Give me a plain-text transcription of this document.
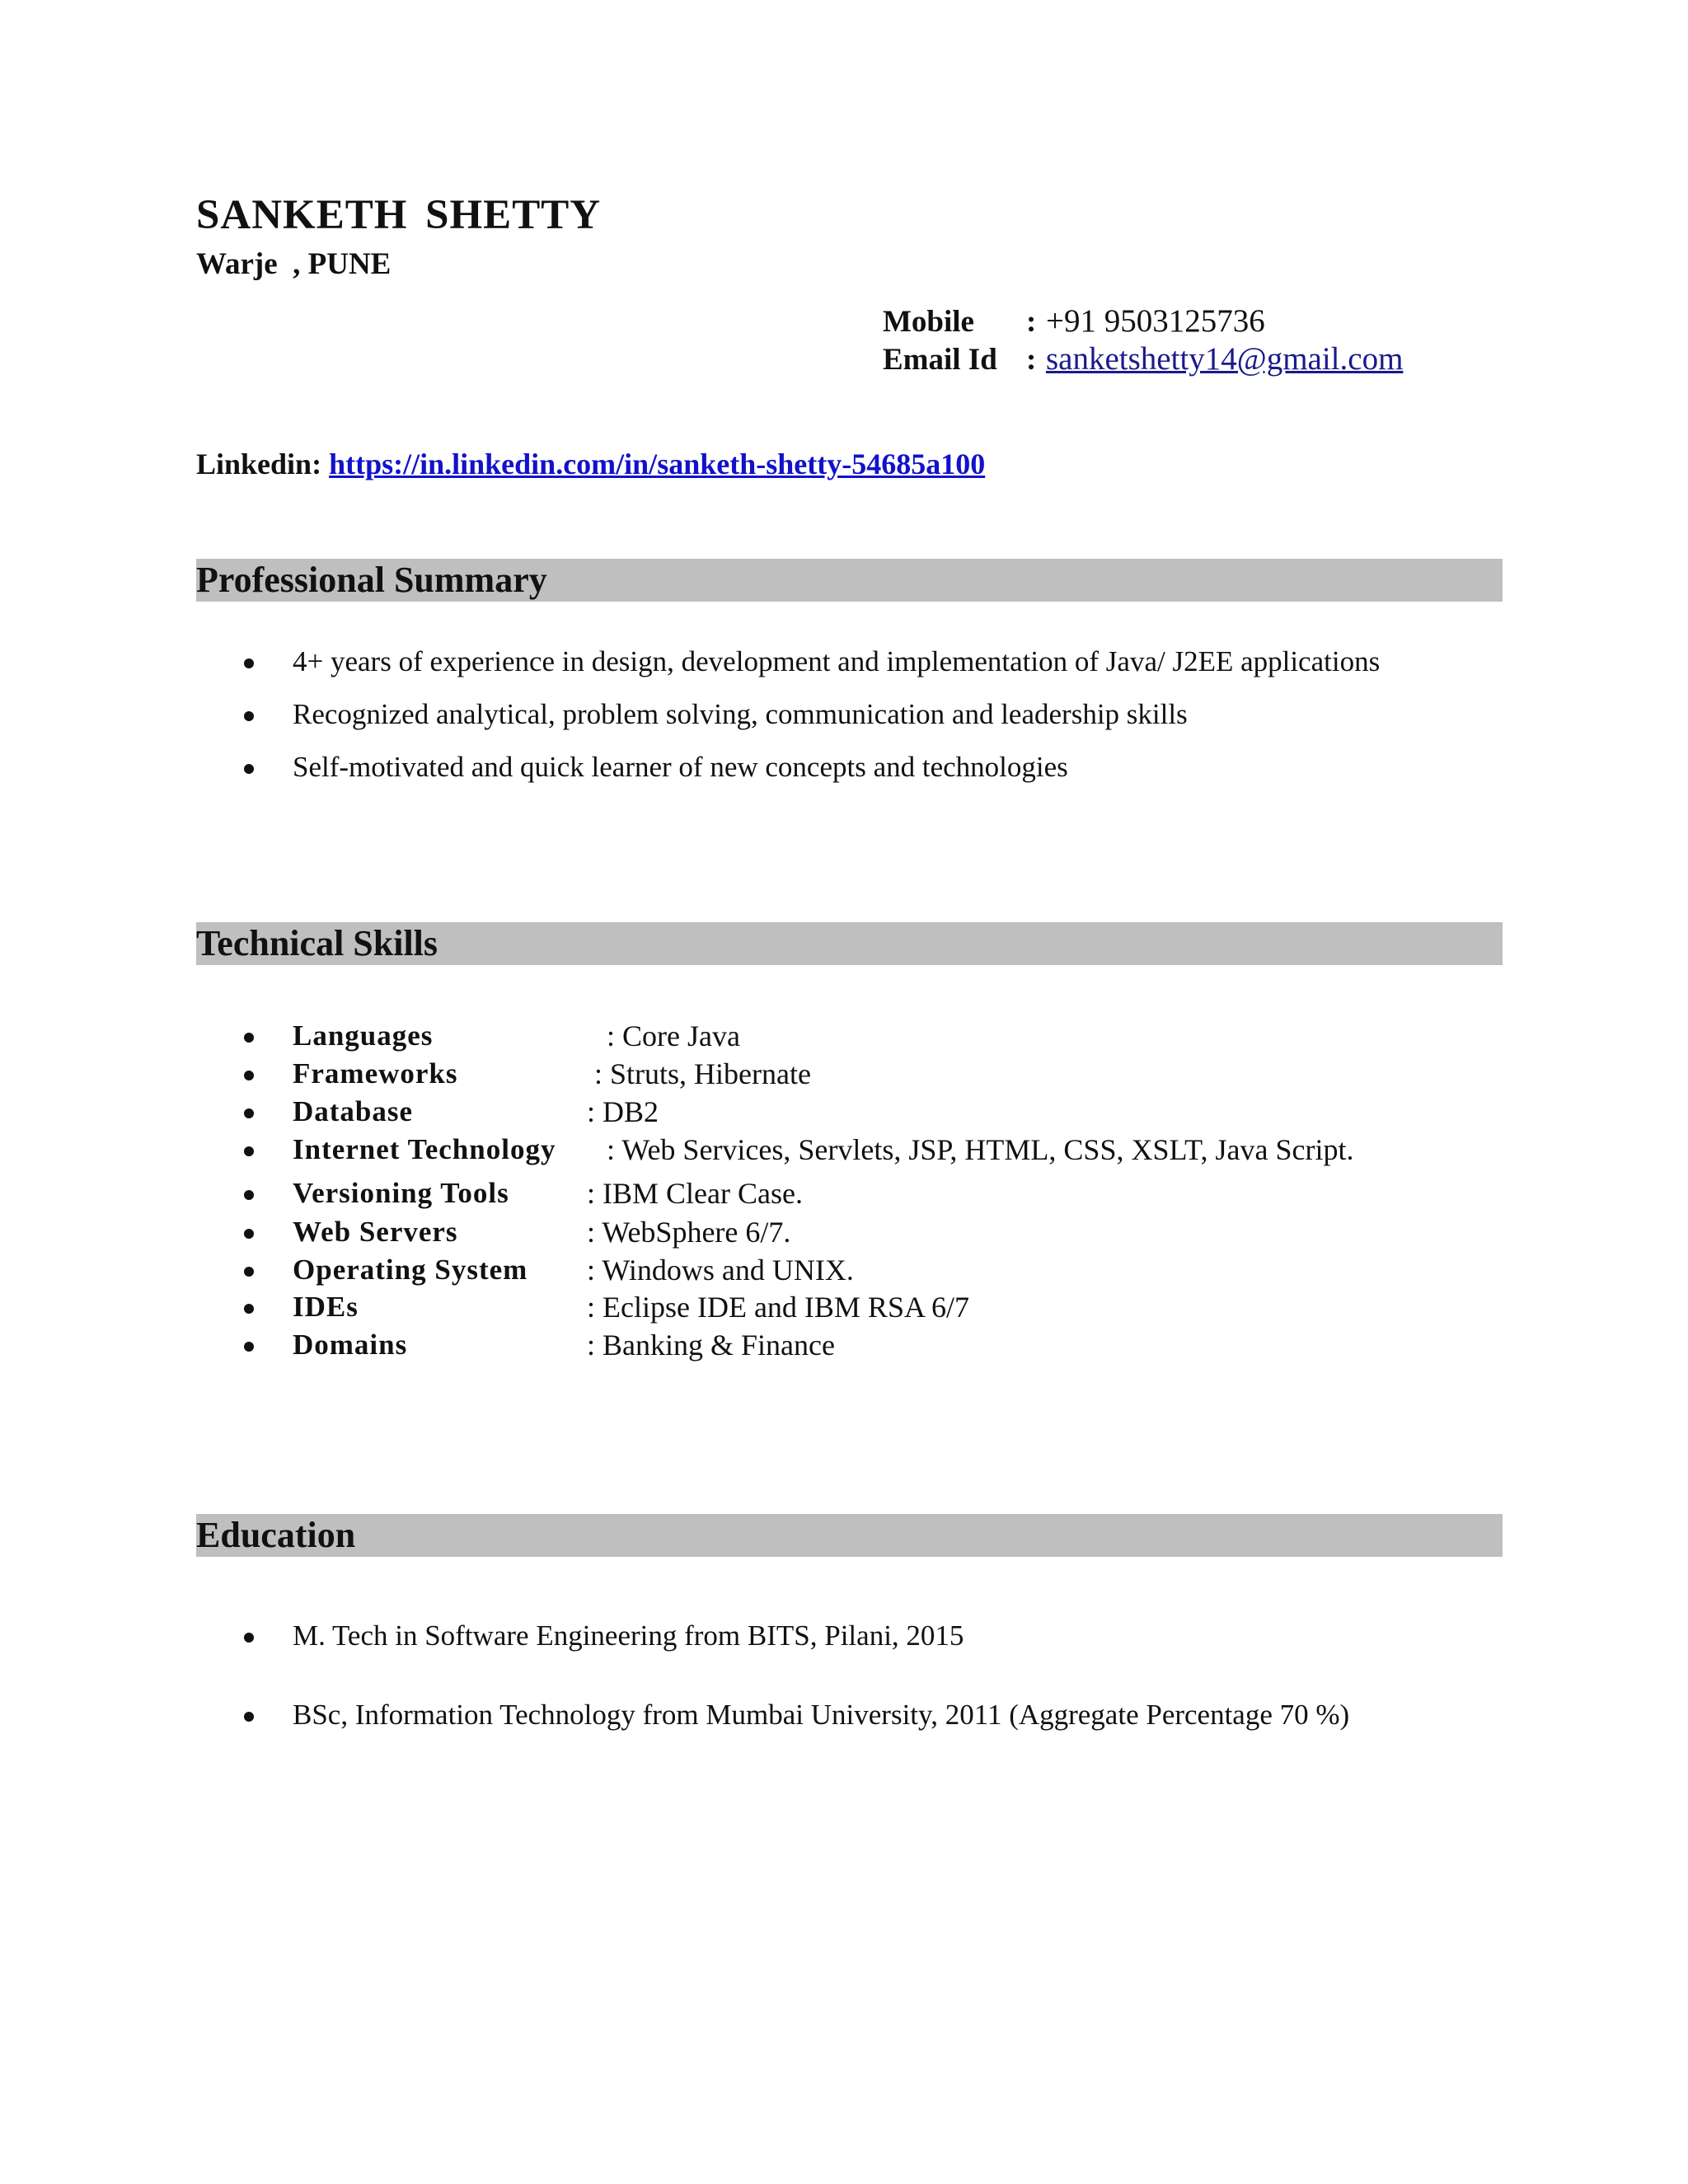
SANKETH SHETTY
Warje  , PUNE
Mobile : +91 9503125736
Email Id : sanketshetty14@gmail.com
Linkedin: https://in.linkedin.com/in/sanketh-shetty-54685a100
Professional Summary
4+ years of experience in design, development and implementation of Java/ J2EE applications
Recognized analytical, problem solving, communication and leadership skills
Self-motivated and quick learner of new concepts and technologies
Technical Skills
Languages	: Core Java
Frameworks	: Struts, Hibernate
Database	: DB2
Internet Technology : Web Services, Servlets, JSP, HTML, CSS, XSLT, Java Script.
Versioning Tools	: IBM Clear Case.
Web Servers	: WebSphere 6/7.
Operating System : Windows and UNIX.
IDEs	: Eclipse IDE and IBM RSA 6/7
Domains	: Banking & Finance
Education
M. Tech in Software Engineering from BITS, Pilani, 2015
BSc, Information Technology from Mumbai University, 2011 (Aggregate Percentage 70 %)
